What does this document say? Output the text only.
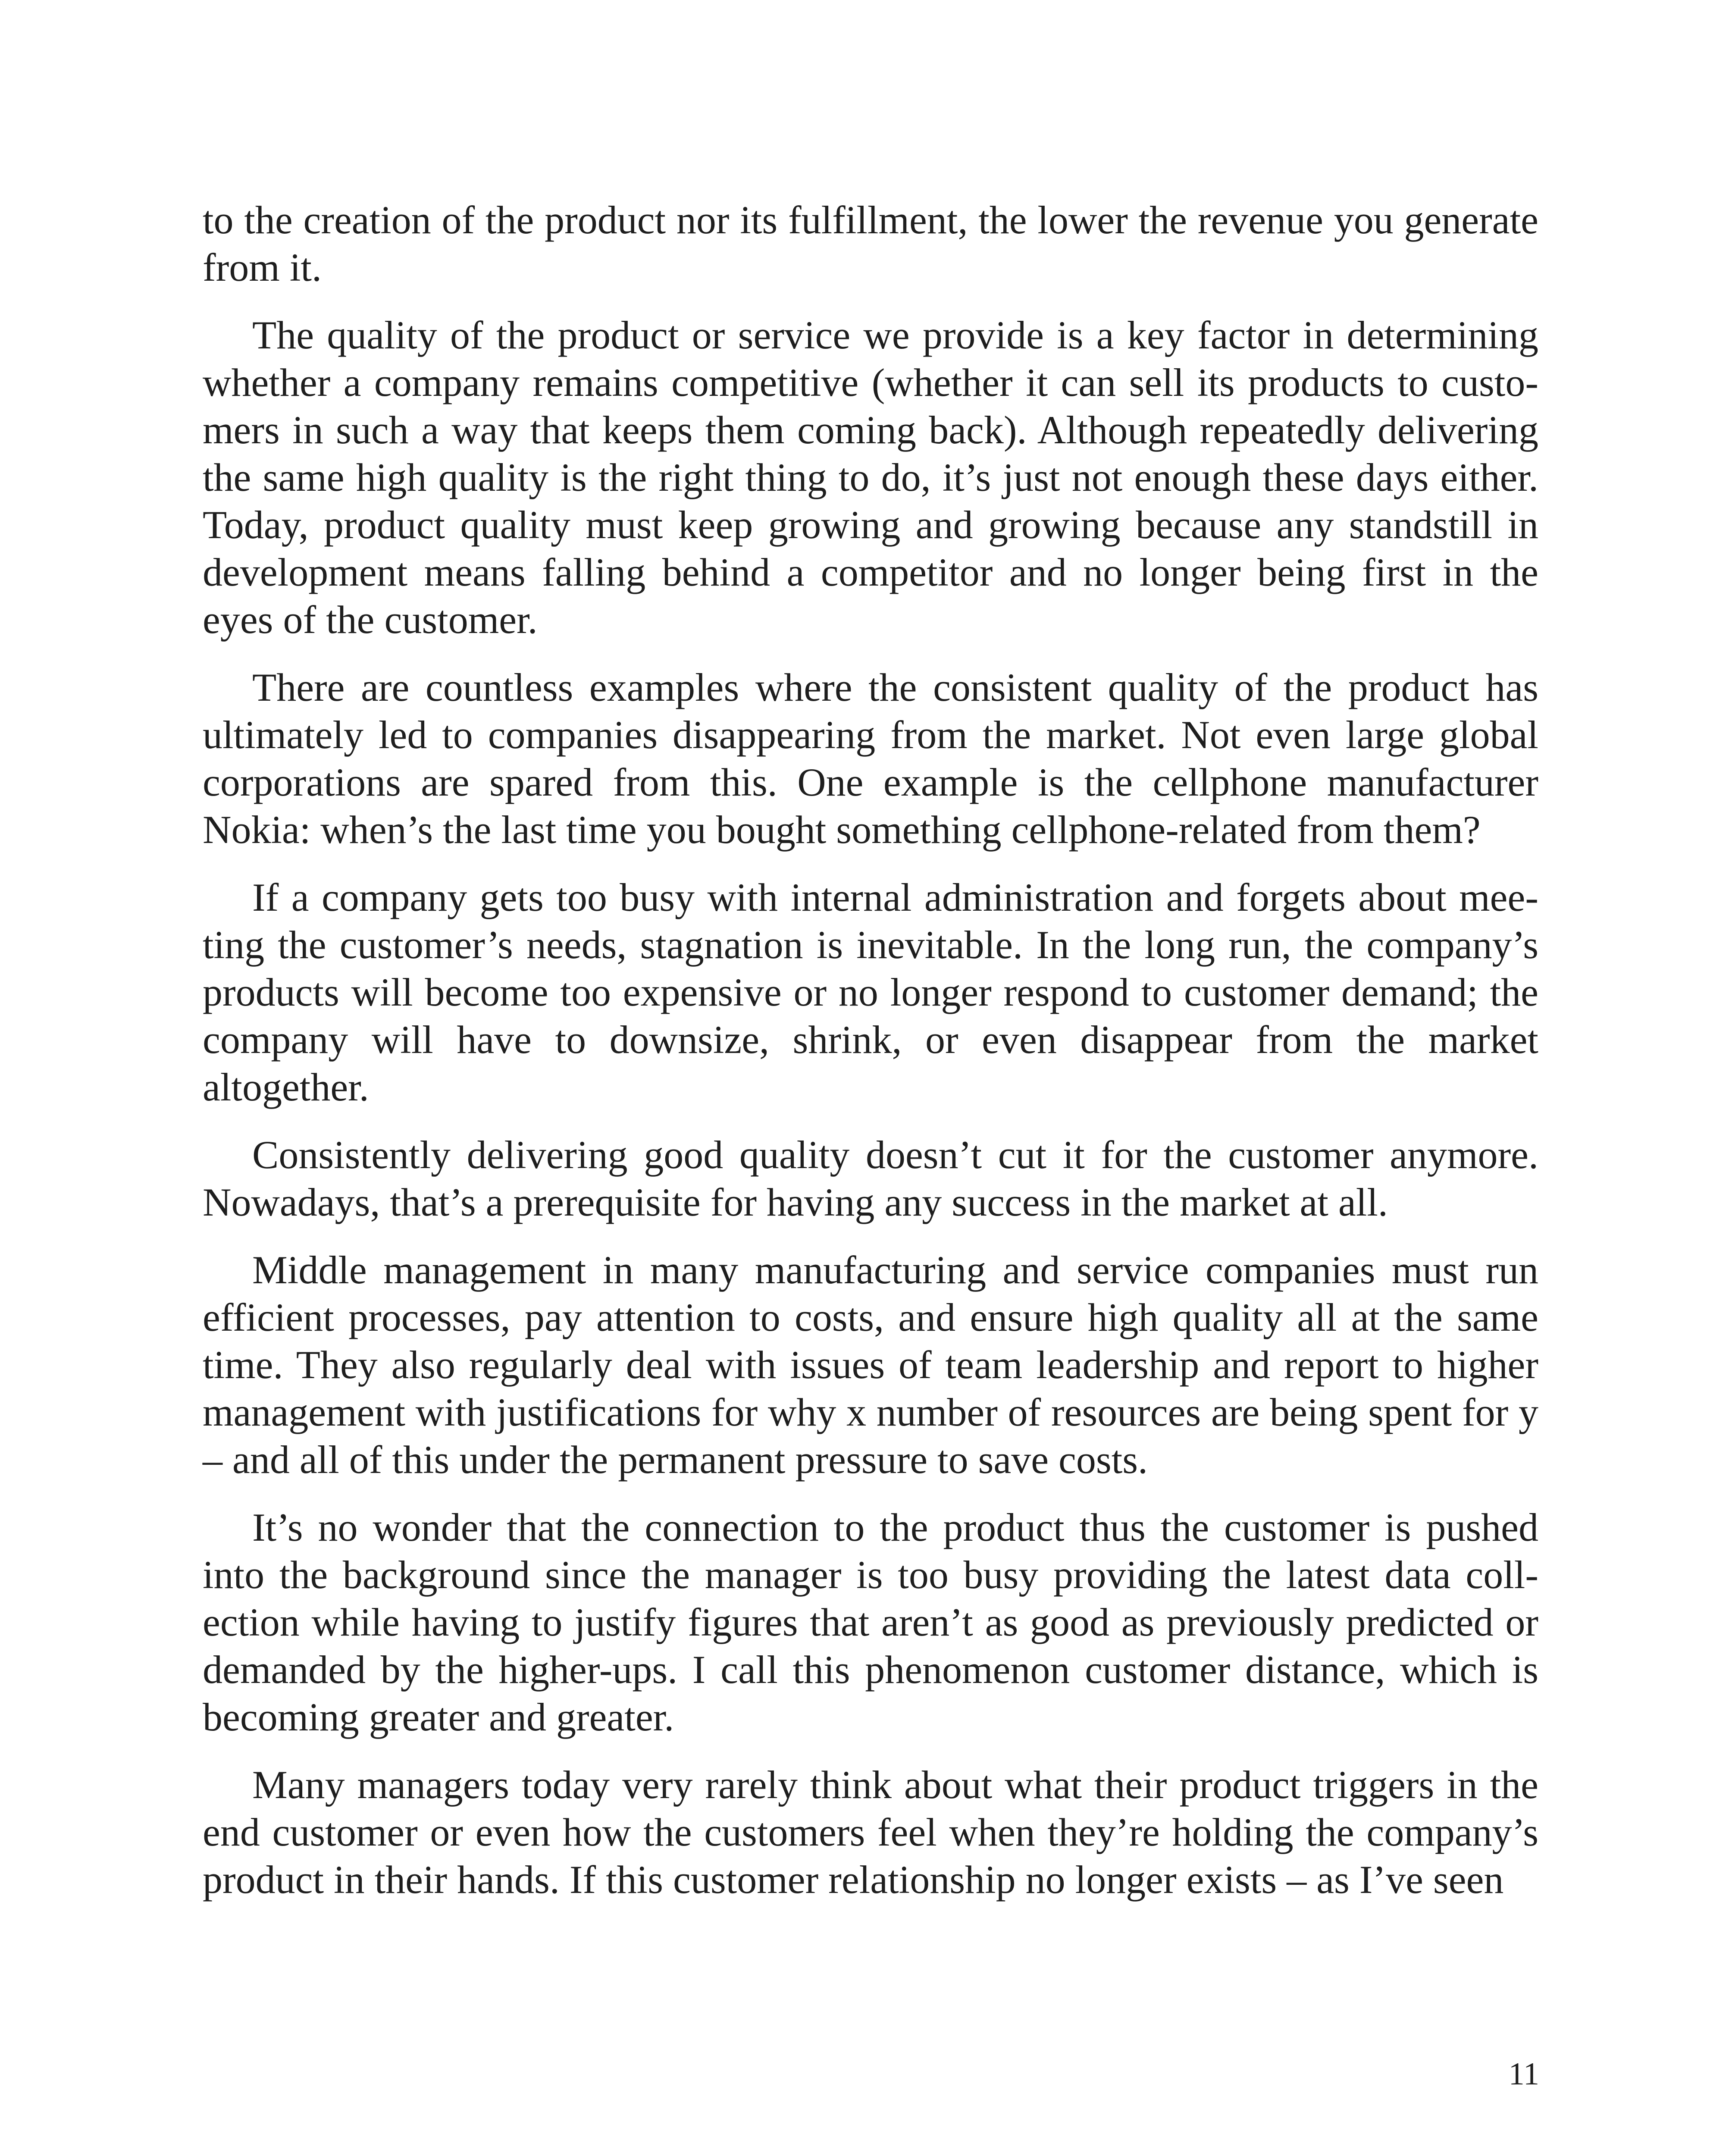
to the creation of the product nor its fulfillment, the lower the revenue you generate from it.

The quality of the product or service we provide is a key factor in determining whether a company remains competitive (whether it can sell its products to customers in such a way that keeps them coming back). Although repeatedly delivering the same high quality is the right thing to do, it’s just not enough these days either. Today, product quality must keep growing and growing because any standstill in development means falling behind a competitor and no longer being first in the eyes of the customer.

There are countless examples where the consistent quality of the product has ultimately led to companies disappearing from the market. Not even large global corporations are spared from this. One example is the cellphone manufacturer Nokia: when’s the last time you bought something cellphone-related from them?

If a company gets too busy with internal administration and forgets about meeting the customer’s needs, stagnation is inevitable. In the long run, the company’s products will become too expensive or no longer respond to customer demand; the company will have to downsize, shrink, or even disappear from the market altogether.

Consistently delivering good quality doesn’t cut it for the customer anymore. Nowadays, that’s a prerequisite for having any success in the market at all.

Middle management in many manufacturing and service companies must run efficient processes, pay attention to costs, and ensure high quality all at the same time. They also regularly deal with issues of team leadership and report to higher management with justifications for why x number of resources are being spent for y – and all of this under the permanent pressure to save costs.

It’s no wonder that the connection to the product thus the customer is pushed into the background since the manager is too busy providing the latest data collection while having to justify figures that aren’t as good as previously predicted or demanded by the higher-ups. I call this phenomenon customer distance, which is becoming greater and greater.

Many managers today very rarely think about what their product triggers in the end customer or even how the customers feel when they’re holding the company’s product in their hands. If this customer relationship no longer exists – as I’ve seen

11
